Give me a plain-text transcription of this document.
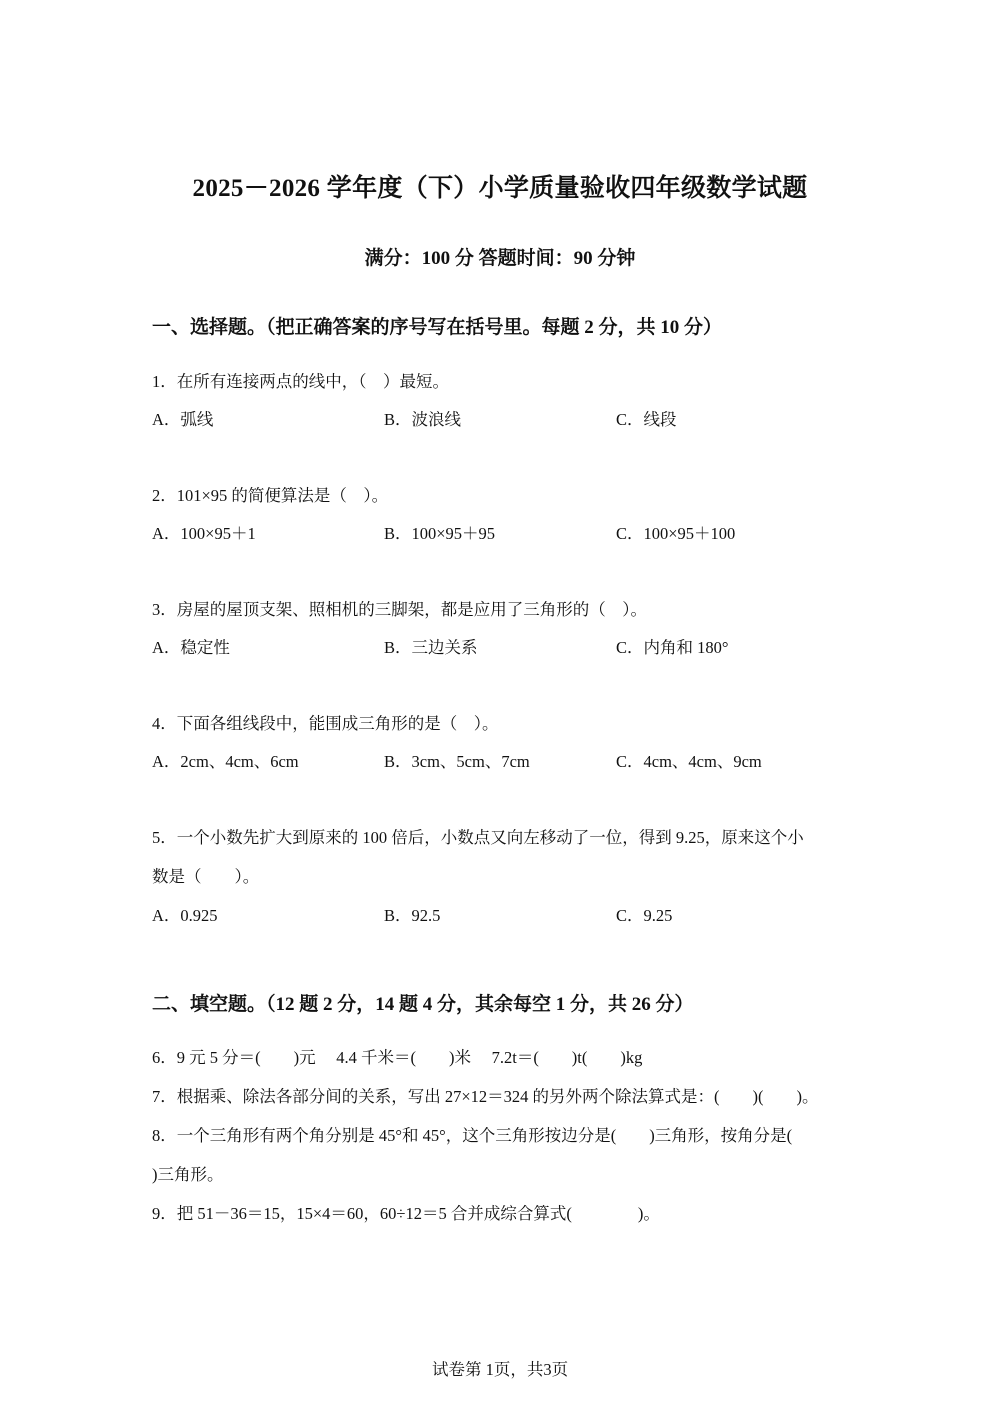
2025－2026 学年度（下）小学质量验收四年级数学试题
满分：100 分 答题时间：90 分钟
一、选择题。（把正确答案的序号写在括号里。每题 2 分，共 10 分）
1．在所有连接两点的线中，（　）最短。
A．弧线	B．波浪线	C．线段
2．101×95 的简便算法是（　）。
A．100×95＋1	B．100×95＋95	C．100×95＋100
3．房屋的屋顶支架、照相机的三脚架，都是应用了三角形的（　）。
A．稳定性	B．三边关系	C．内角和 180°
4．下面各组线段中，能围成三角形的是（　）。
A．2cm、4cm、6cm	B．3cm、5cm、7cm	C．4cm、4cm、9cm
5．一个小数先扩大到原来的 100 倍后，小数点又向左移动了一位，得到 9.25，原来这个小
数是（　　）。
A．0.925	B．92.5	C．9.25
二、填空题。（12 题 2 分，14 题 4 分，其余每空 1 分，共 26 分）
6．9 元 5 分＝(　　)元　 4.4 千米＝(　　)米　 7.2t＝(　　)t(　　)kg
7．根据乘、除法各部分间的关系，写出 27×12＝324 的另外两个除法算式是：(　　)(　　)。
8．一个三角形有两个角分别是 45°和 45°，这个三角形按边分是(　　)三角形，按角分是(
)三角形。
9．把 51－36＝15，15×4＝60，60÷12＝5 合并成综合算式(　　　　)。
试卷第 1页，共3页
